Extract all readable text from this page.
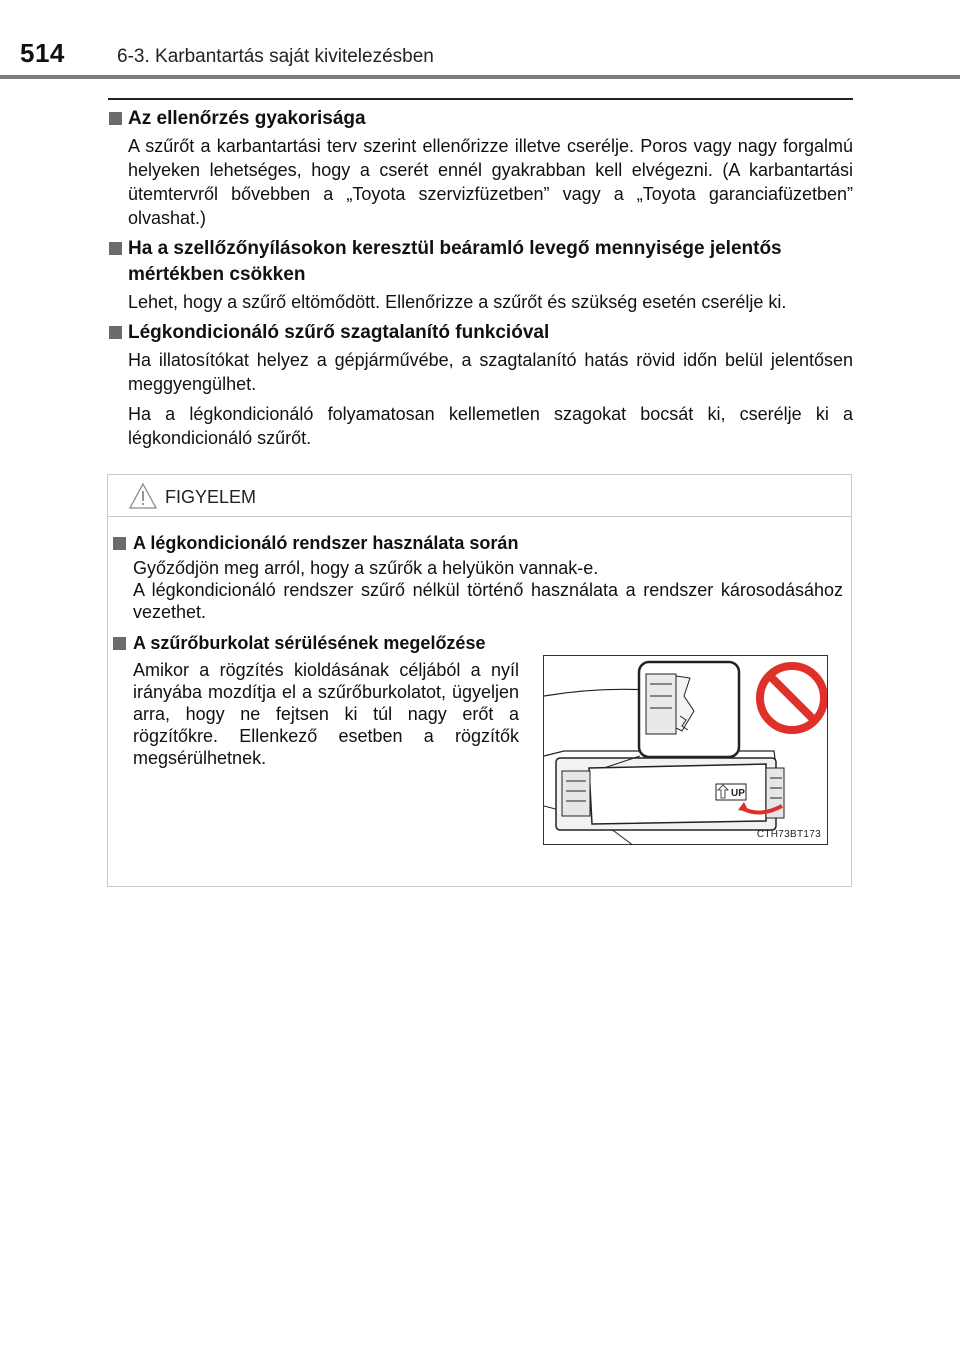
514	6-3. Karbantartás saját kivitelezésben
Az ellenőrzés gyakorisága

A szűrőt a karbantartási terv szerint ellenőrizze illetve cserélje. Poros vagy nagy forgalmú helyeken lehetséges, hogy a cserét ennél gyakrabban kell elvégezni. (A karbantartási ütemtervről bővebben a „Toyota szervizfüzetben” vagy a „Toyota garanciafüzetben” olvashat.)

Ha a szellőzőnyílásokon keresztül beáramló levegő mennyisége jelentős mértékben csökken

Lehet, hogy a szűrő eltömődött. Ellenőrizze a szűrőt és szükség esetén cserélje ki.

Légkondicionáló szűrő szagtalanító funkcióval

Ha illatosítókat helyez a gépjárművébe, a szagtalanító hatás rövid időn belül jelentősen meggyengülhet.

Ha a légkondicionáló folyamatosan kellemetlen szagokat bocsát ki, cserélje ki a légkondicionáló szűrőt.

FIGYELEM
A légkondicionáló rendszer használata során

Győződjön meg arról, hogy a szűrők a helyükön vannak-e.
A légkondicionáló rendszer szűrő nélkül történő használata a rendszer károsodásához vezethet.

A szűrőburkolat sérülésének megelőzése
Amikor a rögzítés kioldásának céljából a nyíl irányába mozdítja el a szűrőburkolatot, ügyeljen arra, hogy ne fejtsen ki túl nagy erőt a rögzítőkre. Ellenkező esetben a rögzítők megsérülhetnek.
UP
CTH73BT173
